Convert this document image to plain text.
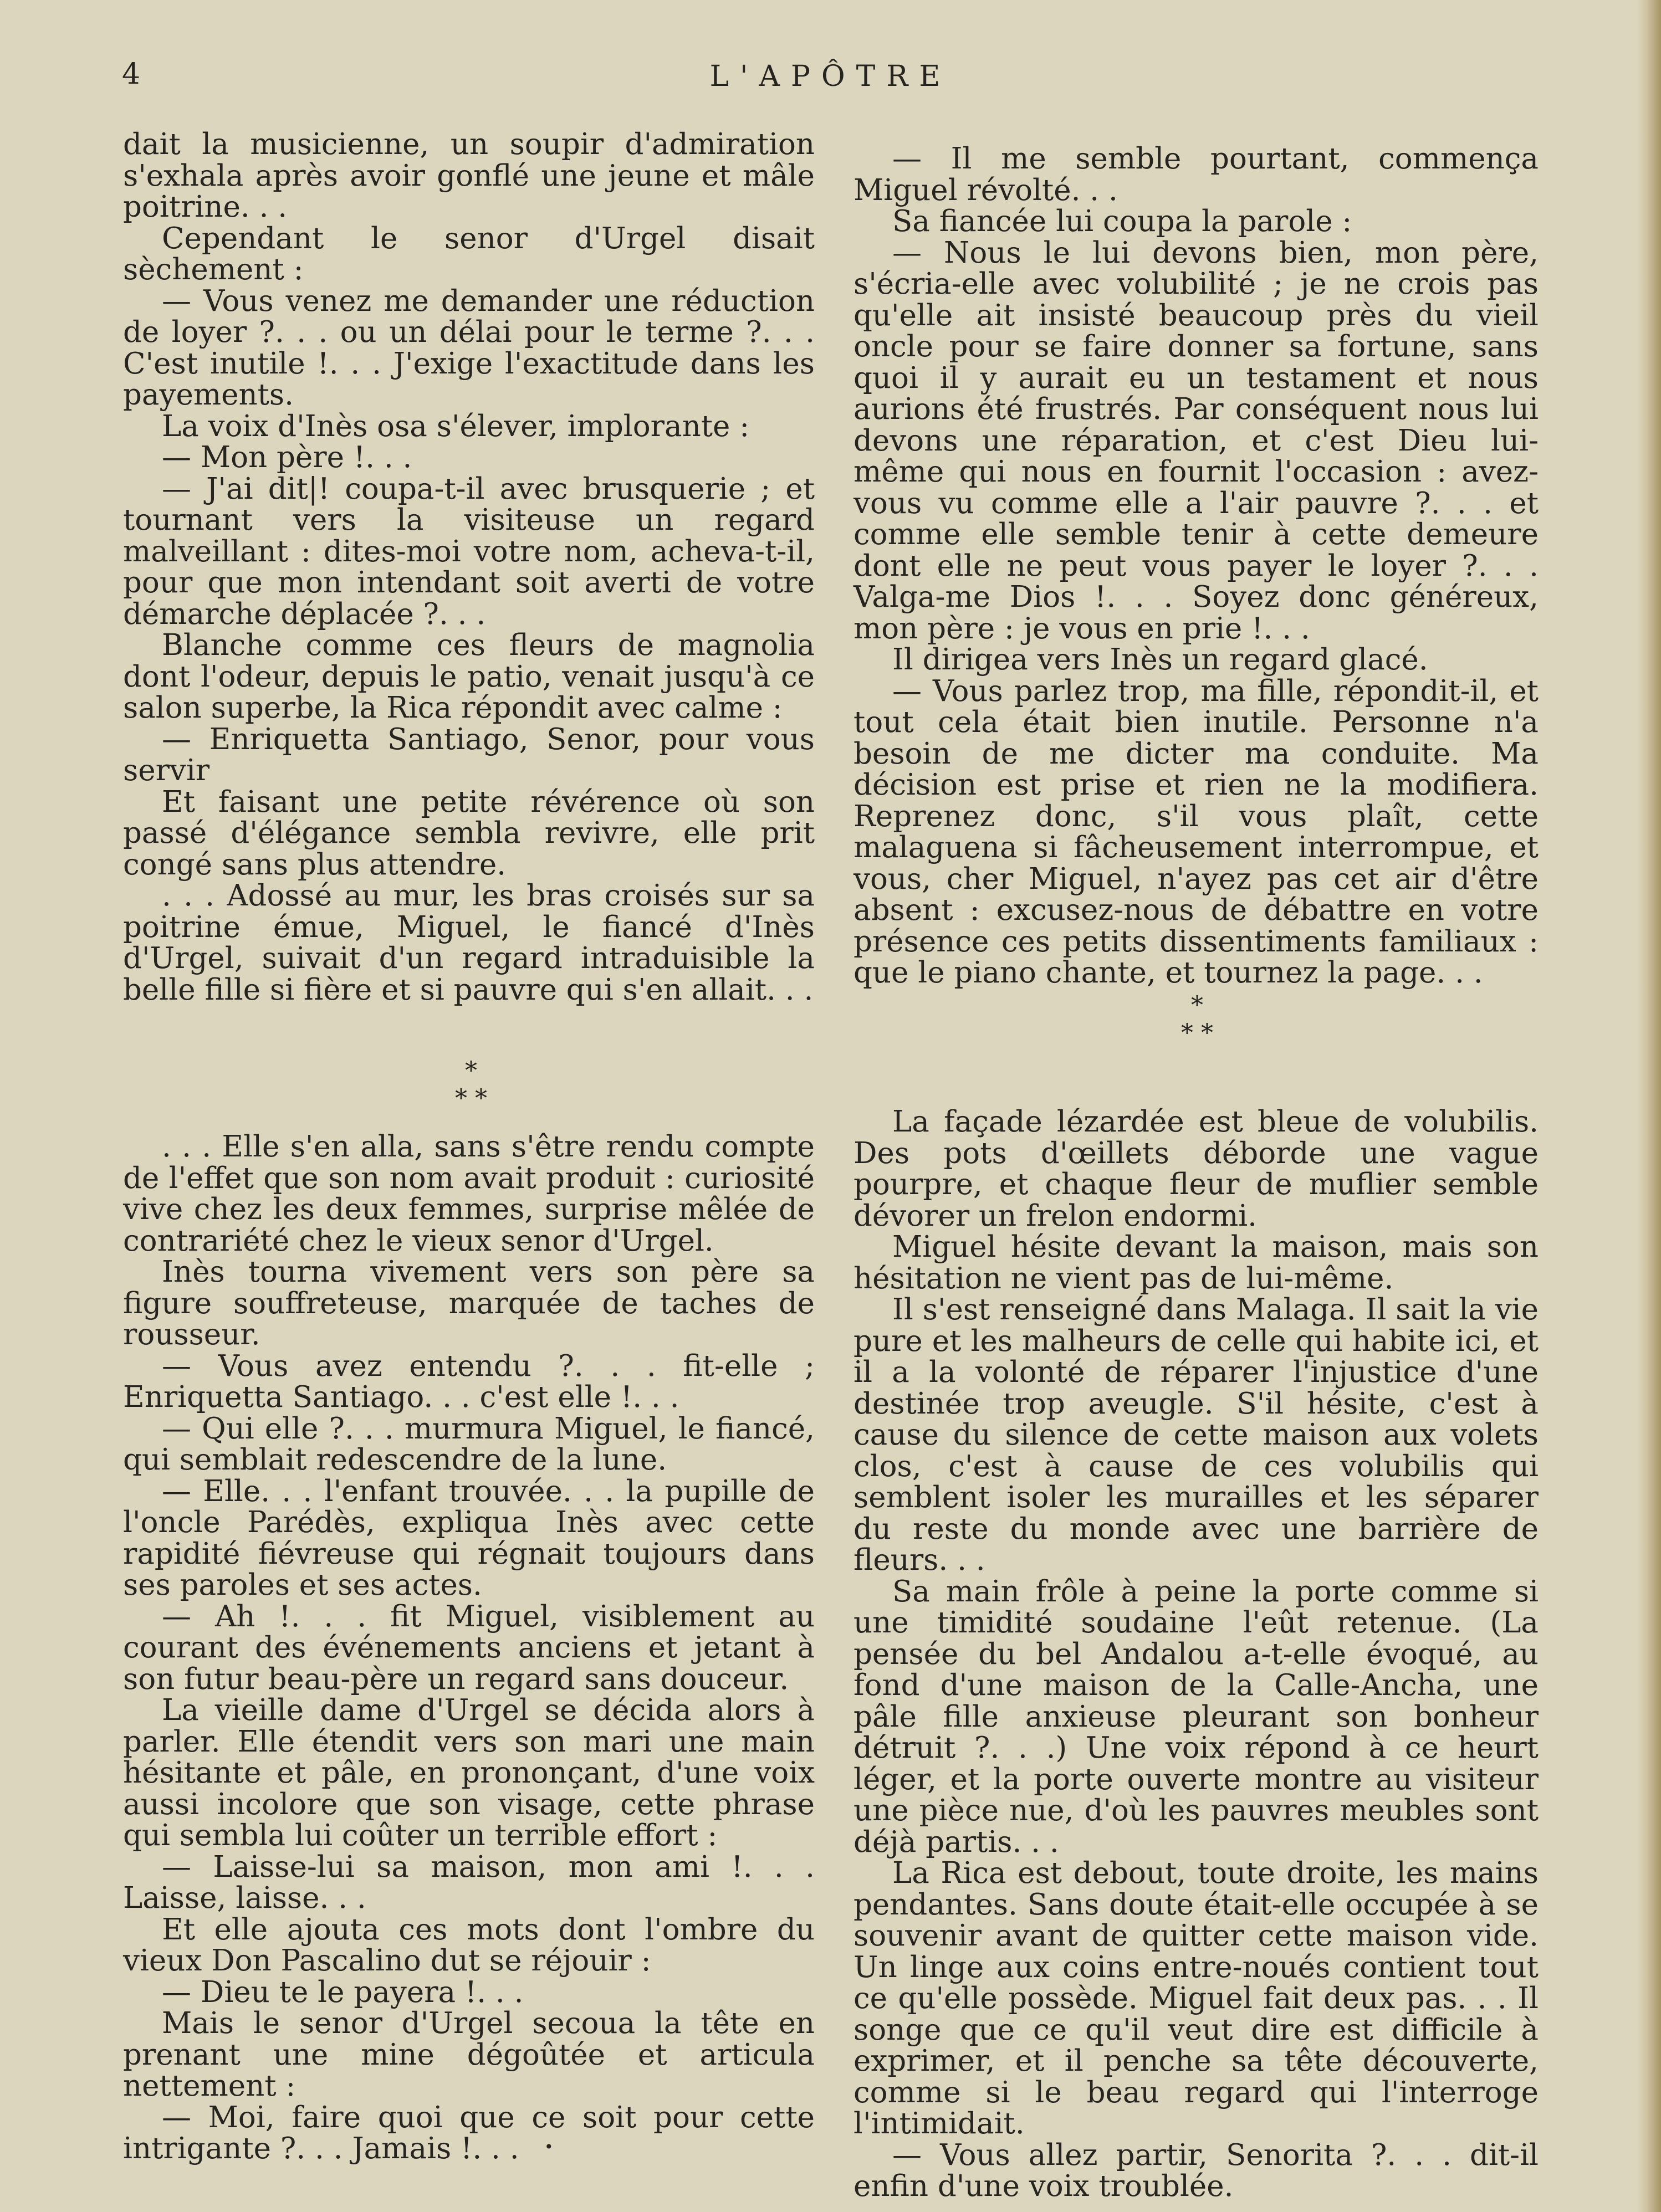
4	L'APÔTRE

dait la musicienne, un soupir d'admiration s'exhala après avoir gonflé une jeune et mâle poitrine. . .

Cependant le senor d'Urgel disait sèchement :

— Vous venez me demander une réduction de loyer ?. . . ou un délai pour le terme ?. . . C'est inutile !. . . J'exige l'exactitude dans les payements.

La voix d'Inès osa s'élever, implorante :

— Mon père !. . .

— J'ai dit|! coupa-t-il avec brusquerie ; et tournant vers la visiteuse un regard malveillant : dites-moi votre nom, acheva-t-il, pour que mon intendant soit averti de votre démarche déplacée ?. . .

Blanche comme ces fleurs de magnolia dont l'odeur, depuis le patio, venait jusqu'à ce salon superbe, la Rica répondit avec calme :

— Enriquetta Santiago, Senor, pour vous servir

Et faisant une petite révérence où son passé d'élégance sembla revivre, elle prit congé sans plus attendre.

. . . Adossé au mur, les bras croisés sur sa poitrine émue, Miguel, le fiancé d'Inès d'Urgel, suivait d'un regard intraduisible la belle fille si fière et si pauvre qui s'en allait. . .

*
* *

. . . Elle s'en alla, sans s'être rendu compte de l'effet que son nom avait produit : curiosité vive chez les deux femmes, surprise mêlée de contrariété chez le vieux senor d'Urgel.

Inès tourna vivement vers son père sa figure souffreteuse, marquée de taches de rousseur.

— Vous avez entendu ?. . . fit-elle ; Enriquetta Santiago. . . c'est elle !. . .

— Qui elle ?. . . murmura Miguel, le fiancé, qui semblait redescendre de la lune.

— Elle. . . l'enfant trouvée. . . la pupille de l'oncle Parédès, expliqua Inès avec cette rapidité fiévreuse qui régnait toujours dans ses paroles et ses actes.

— Ah !. . . fit Miguel, visiblement au courant des événements anciens et jetant à son futur beau-père un regard sans douceur.

La vieille dame d'Urgel se décida alors à parler. Elle étendit vers son mari une main hésitante et pâle, en prononçant, d'une voix aussi incolore que son visage, cette phrase qui sembla lui coûter un terrible effort :

— Laisse-lui sa maison, mon ami !. . . Laisse, laisse. . .

Et elle ajouta ces mots dont l'ombre du vieux Don Pascalino dut se réjouir :

— Dieu te le payera !. . .

Mais le senor d'Urgel secoua la tête en prenant une mine dégoûtée et articula nettement :

— Moi, faire quoi que ce soit pour cette intrigante ?. . . Jamais !. . .

— Il me semble pourtant, commença Miguel révolté. . .

Sa fiancée lui coupa la parole :

— Nous le lui devons bien, mon père, s'écria-elle avec volubilité ; je ne crois pas qu'elle ait insisté beaucoup près du vieil oncle pour se faire donner sa fortune, sans quoi il y aurait eu un testament et nous aurions été frustrés. Par conséquent nous lui devons une réparation, et c'est Dieu lui-même qui nous en fournit l'occasion : avez-vous vu comme elle a l'air pauvre ?. . . et comme elle semble tenir à cette demeure dont elle ne peut vous payer le loyer ?. . . Valga-me Dios !. . . Soyez donc généreux, mon père : je vous en prie !. . .

Il dirigea vers Inès un regard glacé.

— Vous parlez trop, ma fille, répondit-il, et tout cela était bien inutile. Personne n'a besoin de me dicter ma conduite. Ma décision est prise et rien ne la modifiera. Reprenez donc, s'il vous plaît, cette malaguena si fâcheusement interrompue, et vous, cher Miguel, n'ayez pas cet air d'être absent : excusez-nous de débattre en votre présence ces petits dissentiments familiaux : que le piano chante, et tournez la page. . .

*
* *

La façade lézardée est bleue de volubilis. Des pots d'œillets déborde une vague pourpre, et chaque fleur de muflier semble dévorer un frelon endormi.

Miguel hésite devant la maison, mais son hésitation ne vient pas de lui-même.

Il s'est renseigné dans Malaga. Il sait la vie pure et les malheurs de celle qui habite ici, et il a la volonté de réparer l'injustice d'une destinée trop aveugle. S'il hésite, c'est à cause du silence de cette maison aux volets clos, c'est à cause de ces volubilis qui semblent isoler les murailles et les séparer du reste du monde avec une barrière de fleurs. . .

Sa main frôle à peine la porte comme si une timidité soudaine l'eût retenue. (La pensée du bel Andalou a-t-elle évoqué, au fond d'une maison de la Calle-Ancha, une pâle fille anxieuse pleurant son bonheur détruit ?. . .) Une voix répond à ce heurt léger, et la porte ouverte montre au visiteur une pièce nue, d'où les pauvres meubles sont déjà partis. . .

La Rica est debout, toute droite, les mains pendantes. Sans doute était-elle occupée à se souvenir avant de quitter cette maison vide. Un linge aux coins entre-noués contient tout ce qu'elle possède. Miguel fait deux pas. . . Il songe que ce qu'il veut dire est difficile à exprimer, et il penche sa tête découverte, comme si le beau regard qui l'interroge l'intimidait.

— Vous allez partir, Senorita ?. . . dit-il enfin d'une voix troublée.

•
